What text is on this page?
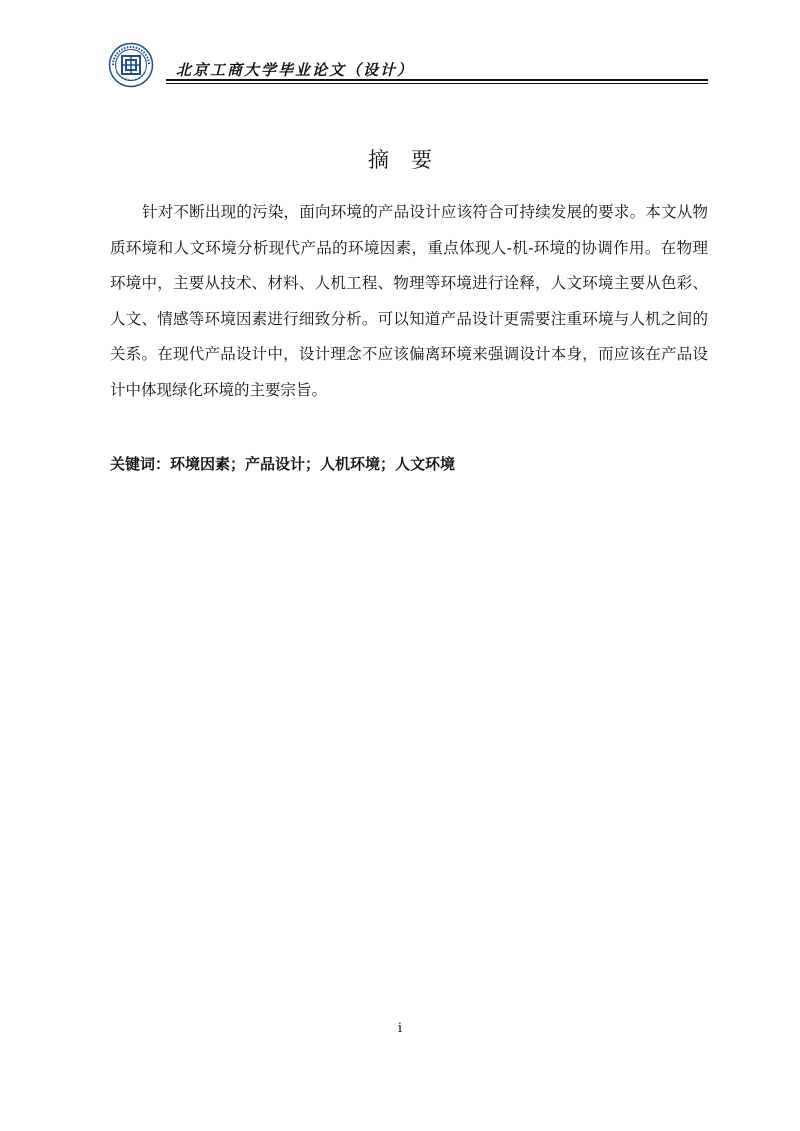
北京工商大学毕业论文（设计）
摘要

针对不断出现的污染，面向环境的产品设计应该符合可持续发展的要求。本文从物质环境和人文环境分析现代产品的环境因素，重点体现人-机-环境的协调作用。在物理环境中，主要从技术、材料、人机工程、物理等环境进行诠释，人文环境主要从色彩、人文、情感等环境因素进行细致分析。可以知道产品设计更需要注重环境与人机之间的关系。在现代产品设计中，设计理念不应该偏离环境来强调设计本身，而应该在产品设计中体现绿化环境的主要宗旨。

关键词：环境因素；产品设计；人机环境；人文环境
i
